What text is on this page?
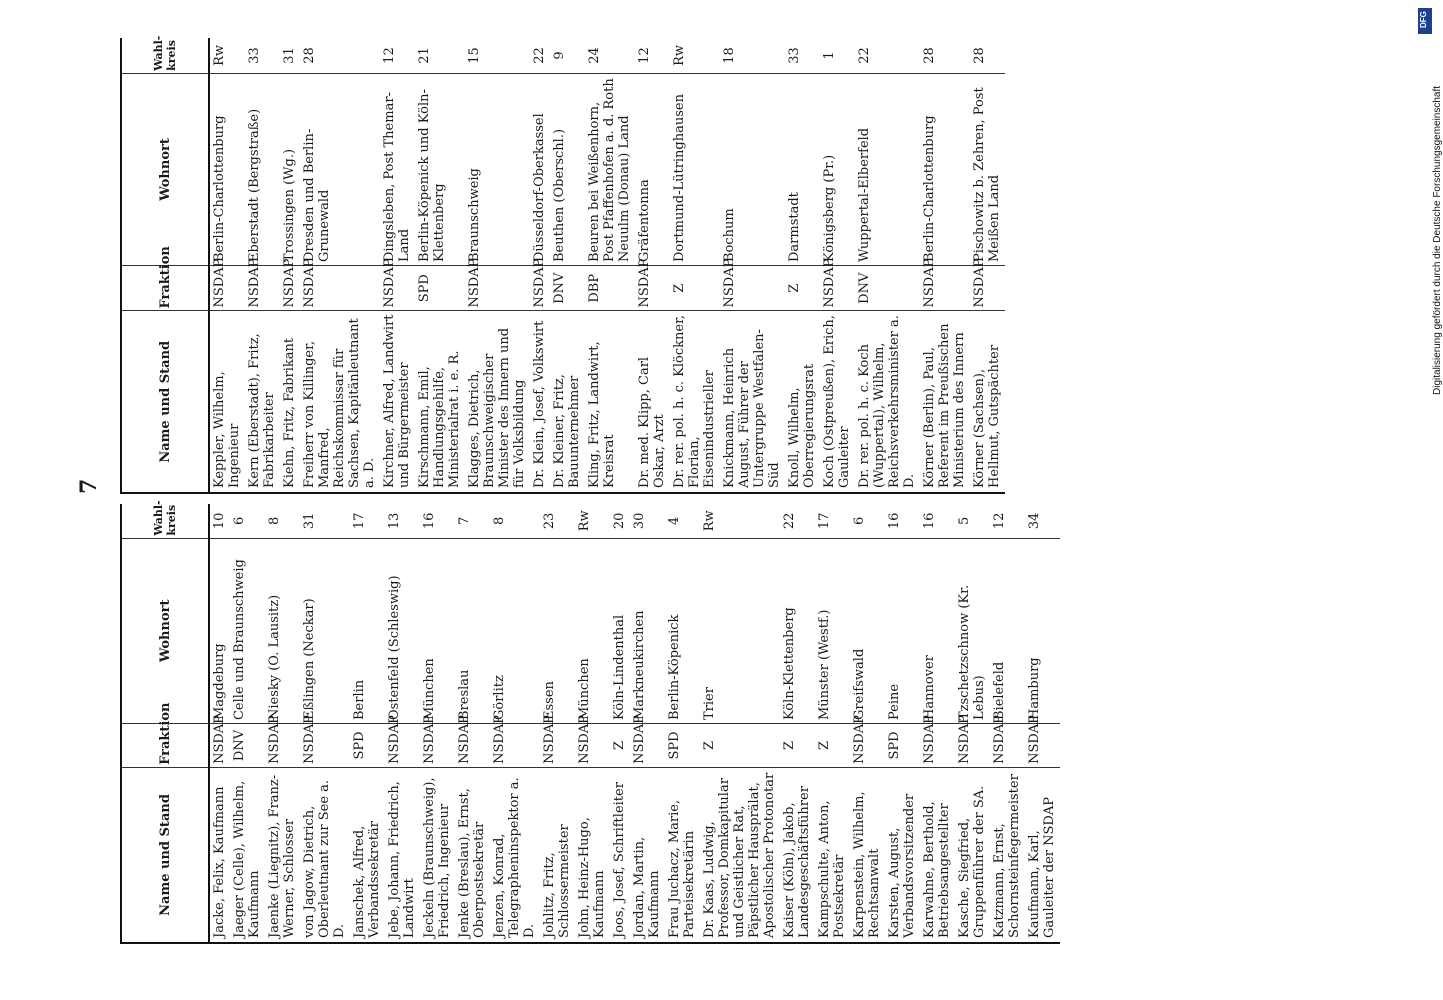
7
Name und Stand	Fraktion	Wohnort	Wahl-kreis
Jacke, Felix, Kaufmann	NSDAP	Magdeburg	10
Jaeger (Celle), Wilhelm, Kaufmann	DNV	Celle und Braunschweig	6
Jaenke (Liegnitz), Franz-Werner, Schlosser	NSDAP	Niesky (O. Lausitz)	8
von Jagow, Dietrich, Oberleutnant zur See a. D.	NSDAP	Eßlingen (Neckar)	31
Janschek, Alfred, Verbandssekretär	SPD	Berlin	17
Jebe, Johann, Friedrich, Landwirt	NSDAP	Ostenfeld (Schleswig)	13
Jeckeln (Braunschweig), Friedrich, Ingenieur	NSDAP	München	16
Jenke (Breslau), Ernst, Oberpostsekretär	NSDAP	Breslau	7
Jenzen, Konrad, Telegrapheninspektor a. D.	NSDAP	Görlitz	8
Johlitz, Fritz, Schlossermeister	NSDAP	Essen	23
John, Heinz-Hugo, Kaufmann	NSDAP	München	Rw
Joos, Josef, Schriftleiter	Z	Köln-Lindenthal	20
Jordan, Martin, Kaufmann	NSDAP	Markneukirchen	30
Frau Juchacz, Marie, Parteisekretärin	SPD	Berlin-Köpenick	4
Dr. Kaas, Ludwig, Professor, Domkapitular und Geistlicher Rat, Päpstlicher Hausprälat, Apostolischer Protonotar	Z	Trier	Rw
Kaiser (Köln), Jakob, Landesgeschäftsführer	Z	Köln-Klettenberg	22
Kampschulte, Anton, Postsekretär	Z	Münster (Westf.)	17
Karpenstein, Wilhelm, Rechtsanwalt	NSDAP	Greifswald	6
Karsten, August, Verbandsvorsitzender	SPD	Peine	16
Karwahne, Berthold, Betriebsangestellter	NSDAP	Hannover	16
Kasche, Siegfried, Gruppenführer der SA.	NSDAP	Tzschetzschnow (Kr. Lebus)	5
Katzmann, Ernst, Schornsteinfegermeister	NSDAP	Bielefeld	12
Kaufmann, Karl, Gauleiter der NSDAP	NSDAP	Hamburg	34
Name und Stand	Fraktion	Wohnort	Wahl-kreis
Keppler, Wilhelm, Ingenieur	NSDAP	Berlin-Charlottenburg	Rw
Kern (Eberstadt), Fritz, Fabrikarbeiter	NSDAP	Eberstadt (Bergstraße)	33
Kiehn, Fritz, Fabrikant	NSDAP	Trossingen (Wg.)	31
Freiherr von Killinger, Manfred, Reichskommissar für Sachsen, Kapitänleutnant a. D.	NSDAP	Dresden und Berlin-Grunewald	28
Kirchner, Alfred, Landwirt und Bürgermeister	NSDAP	Dingsleben, Post Themar-Land	12
Kirschmann, Emil, Handlungsgehilfe, Ministerialrat i. e. R.	SPD	Berlin-Köpenick und Köln-Klettenberg	21
Klagges, Dietrich, Braunschweigischer Minister des Innern und für Volksbildung	NSDAP	Braunschweig	15
Dr. Klein, Josef, Volkswirt	NSDAP	Düsseldorf-Oberkassel	22
Dr. Kleiner, Fritz, Bauunternehmer	DNV	Beuthen (Oberschl.)	9
Kling, Fritz, Landwirt, Kreisrat	DBP	Beuren bei Weißenhorn, Post Pfaffenhofen a. d. Roth Neuulm (Donau) Land	24
Dr. med. Klipp, Carl Oskar, Arzt	NSDAP	Gräfentonna	12
Dr. rer. pol. h. c. Klöckner, Florian, Eisenindustrieller	Z	Dortmund-Lütringhausen	Rw
Knickmann, Heinrich August, Führer der Untergruppe Westfalen-Süd	NSDAP	Bochum	18
Knoll, Wilhelm, Oberregierungsrat	Z	Darmstadt	33
Koch (Ostpreußen), Erich, Gauleiter	NSDAP	Königsberg (Pr.)	1
Dr. rer. pol. h. c. Koch (Wuppertal), Wilhelm, Reichsverkehrsminister a. D.	DNV	Wuppertal-Elberfeld	22
Körner (Berlin), Paul, Referent im Preußischen Ministerium des Innern	NSDAP	Berlin-Charlottenburg	28
Körner (Sachsen), Hellmut, Gutspächter	NSDAP	Pischowitz b. Zehren, Post Meißen Land	28
DFG
Digitalisierung gefördert durch die Deutsche Forschungsgemeinschaft
